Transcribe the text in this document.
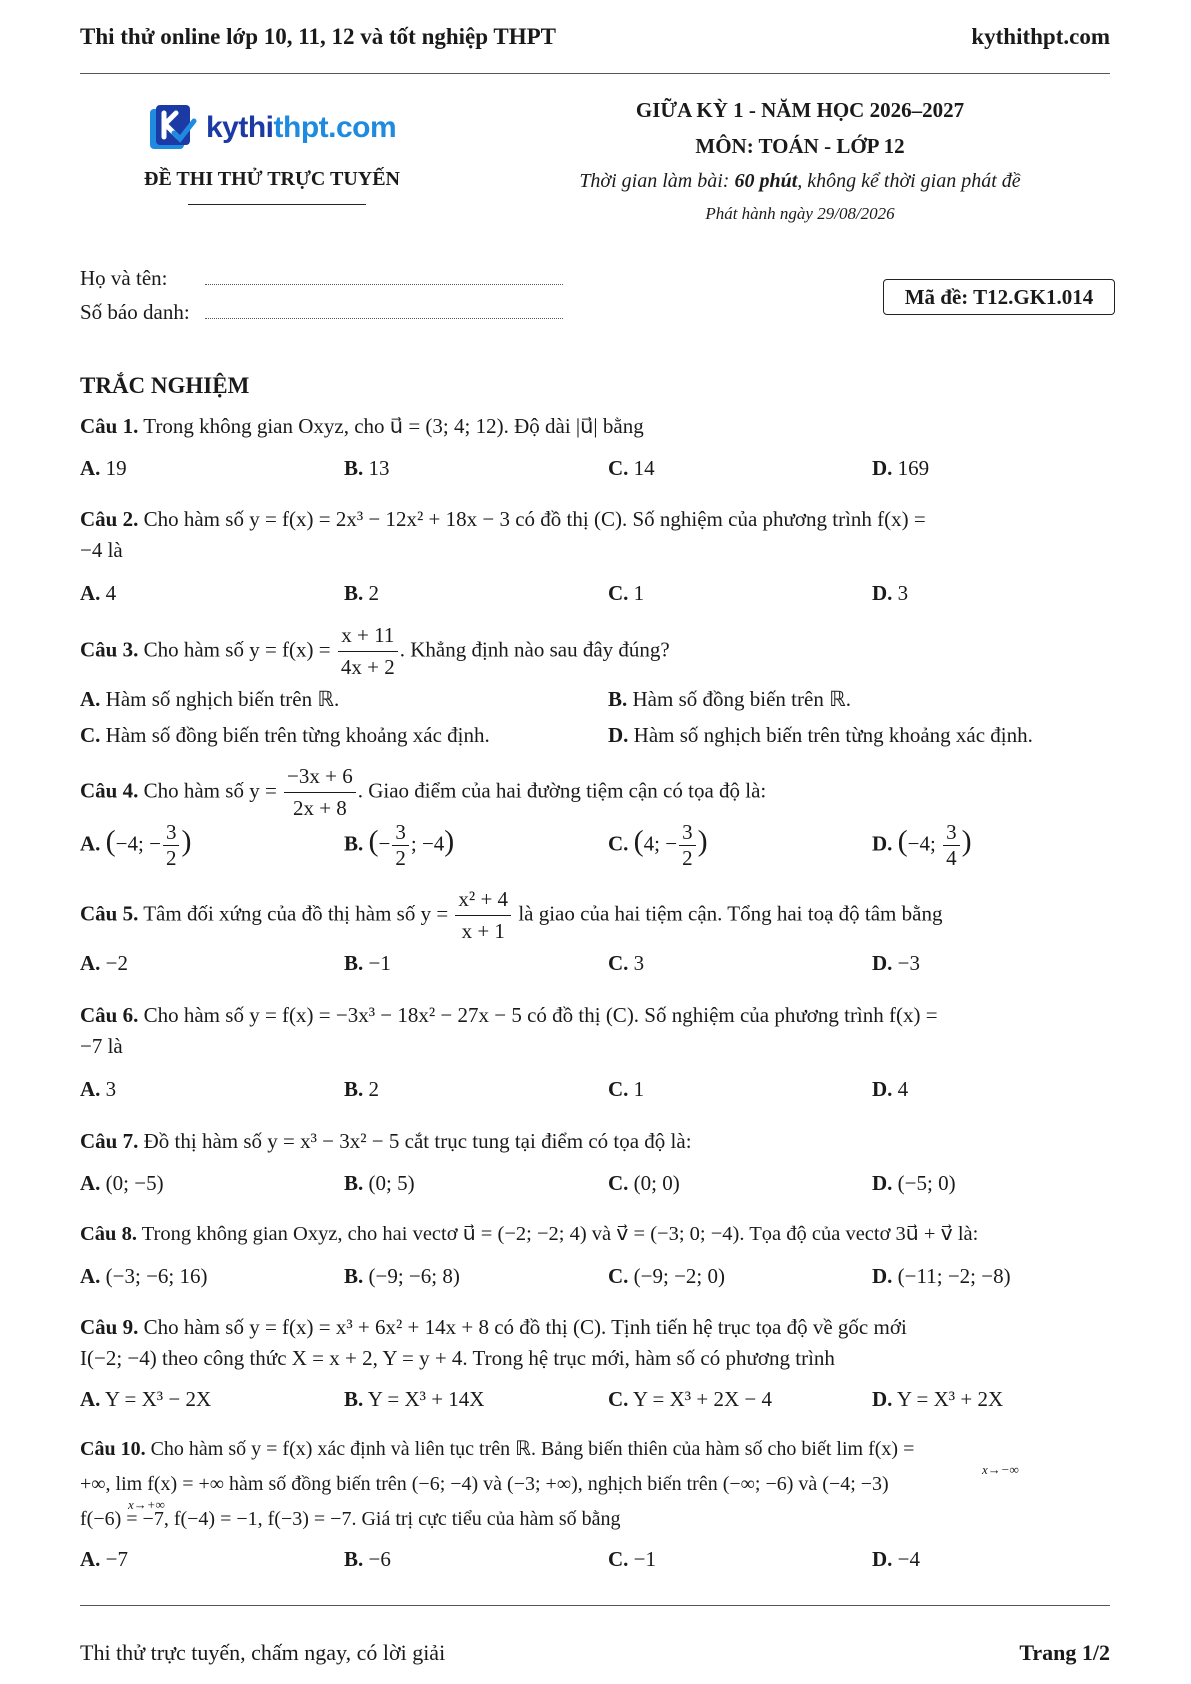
Thi thử online lớp 10, 11, 12 và tốt nghiệp THPT	kythithpt.com
kythithpt.com
ĐỀ THI THỬ TRỰC TUYẾN
GIỮA KỲ 1 - NĂM HỌC 2026–2027
MÔN: TOÁN - LỚP 12
Thời gian làm bài: 60 phút, không kể thời gian phát đề
Phát hành ngày 29/08/2026
Họ và tên:
Số báo danh:
Mã đề: T12.GK1.014
TRẮC NGHIỆM
Câu 1. Trong không gian Oxyz, cho u⃗ = (3; 4; 12). Độ dài |u⃗| bằng
A. 19	B. 13	C. 14	D. 169
Câu 2. Cho hàm số y = f(x) = 2x³ − 12x² + 18x − 3 có đồ thị (C). Số nghiệm của phương trình f(x) =
−4 là
A. 4	B. 2	C. 1	D. 3
Câu 3. Cho hàm số $y = f(x) = \frac{x + 11}{4x + 2}$ . Khẳng định nào sau đây đúng?
A. Hàm số nghịch biến trên ℝ.	B. Hàm số đồng biến trên ℝ.
C. Hàm số đồng biến trên từng khoảng xác định.	D. Hàm số nghịch biến trên từng khoảng xác định.
Câu 4. Cho hàm số $y = \frac{-3x + 6}{2x + 8}$ . Giao điểm của hai đường tiệm cận có tọa độ là:
A. (−4; − $\frac{3}{2}$ )	B. (− $\frac{3}{2}$ ; −4)	C. (4; − $\frac{3}{2}$ )	D. (−4; $\frac{3}{4}$ )
Câu 5. Tâm đối xứng của đồ thị hàm số $y = \frac{\text{x² + 4}}{x + 1}$ là giao của hai tiệm cận. Tổng hai toạ độ tâm bằng
A. −2	B. −1	C. 3	D. −3
Câu 6. Cho hàm số y = f(x) = −3x³ − 18x² − 27x − 5 có đồ thị (C). Số nghiệm của phương trình f(x) =
−7 là
A. 3	B. 2	C. 1	D. 4
Câu 7. Đồ thị hàm số y = x³ − 3x² − 5 cắt trục tung tại điểm có tọa độ là:
A. (0; −5)	B. (0; 5)	C. (0; 0)	D. (−5; 0)
Câu 8. Trong không gian Oxyz, cho hai vectơ u⃗ = (−2; −2; 4) và v⃗ = (−3; 0; −4). Tọa độ của vectơ 3u⃗ + v⃗ là:
A. (−3; −6; 16)	B. (−9; −6; 8)	C. (−9; −2; 0)	D. (−11; −2; −8)
Câu 9. Cho hàm số y = f(x) = x³ + 6x² + 14x + 8 có đồ thị (C). Tịnh tiến hệ trục tọa độ về gốc mới
I(−2; −4) theo công thức X = x + 2, Y = y + 4. Trong hệ trục mới, hàm số có phương trình
A. Y = X³ − 2X	B. Y = X³ + 14X	C. Y = X³ + 2X − 4	D. Y = X³ + 2X
Câu 10. Cho hàm số y = f(x) xác định và liên tục trên ℝ. Bảng biến thiên của hàm số cho biết lim f(x) =
x→−∞
+∞, lim f(x) = +∞ hàm số đồng biến trên (−6; −4) và (−3; +∞), nghịch biến trên (−∞; −6) và (−4; −3)
x→+∞
f(−6) = −7, f(−4) = −1, f(−3) = −7. Giá trị cực tiểu của hàm số bằng
A. −7	B. −6	C. −1	D. −4
Thi thử trực tuyến, chấm ngay, có lời giải	Trang 1/2
